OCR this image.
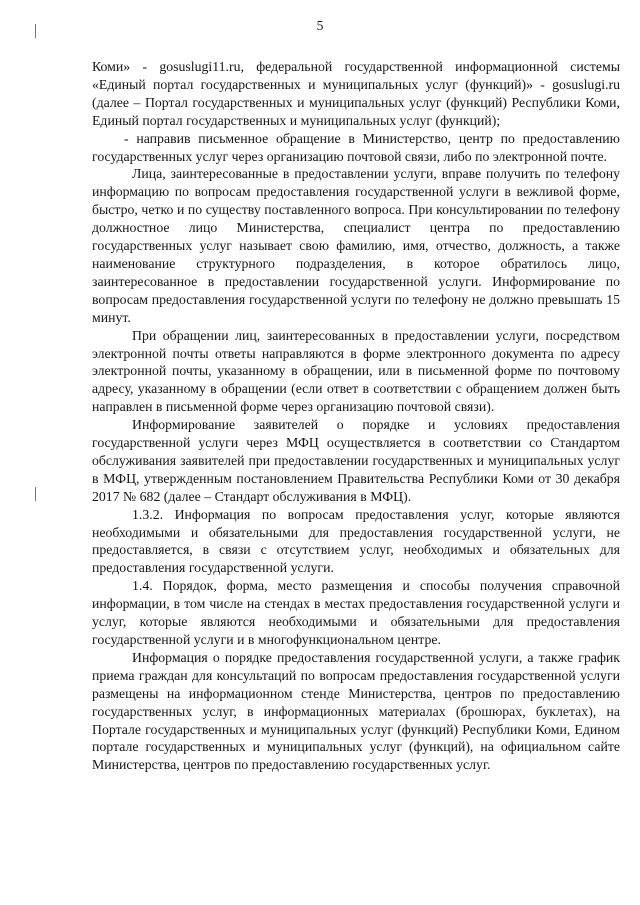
5

Коми» - gosuslugi11.ru, федеральной государственной информационной системы «Единый портал государственных и муниципальных услуг (функций)» - gosuslugi.ru (далее – Портал государственных и муниципальных услуг (функций) Республики Коми, Единый портал государственных и муниципальных услуг (функций);

- направив письменное обращение в Министерство, центр по предоставлению государственных услуг через организацию почтовой связи, либо по электронной почте.

Лица, заинтересованные в предоставлении услуги, вправе получить по телефону информацию по вопросам предоставления государственной услуги в вежливой форме, быстро, четко и по существу поставленного вопроса. При консультировании по телефону должностное лицо Министерства, специалист центра по предоставлению государственных услуг называет свою фамилию, имя, отчество, должность, а также наименование структурного подразделения, в которое обратилось лицо, заинтересованное в предоставлении государственной услуги. Информирование по вопросам предоставления государственной услуги по телефону не должно превышать 15 минут.

При обращении лиц, заинтересованных в предоставлении услуги, посредством электронной почты ответы направляются в форме электронного документа по адресу электронной почты, указанному в обращении, или в письменной форме по почтовому адресу, указанному в обращении (если ответ в соответствии с обращением должен быть направлен в письменной форме через организацию почтовой связи).

Информирование заявителей о порядке и условиях предоставления государственной услуги через МФЦ осуществляется в соответствии со Стандартом обслуживания заявителей при предоставлении государственных и муниципальных услуг в МФЦ, утвержденным постановлением Правительства Республики Коми от 30 декабря 2017 № 682 (далее – Стандарт обслуживания в МФЦ).

1.3.2. Информация по вопросам предоставления услуг, которые являются необходимыми и обязательными для предоставления государственной услуги, не предоставляется, в связи с отсутствием услуг, необходимых и обязательных для предоставления государственной услуги.

1.4. Порядок, форма, место размещения и способы получения справочной информации, в том числе на стендах в местах предоставления государственной услуги и услуг, которые являются необходимыми и обязательными для предоставления государственной услуги и в многофункциональном центре.

Информация о порядке предоставления государственной услуги, а также график приема граждан для консультаций по вопросам предоставления государственной услуги размещены на информационном стенде Министерства, центров по предоставлению государственных услуг, в информационных материалах (брошюрах, буклетах), на Портале государственных и муниципальных услуг (функций) Республики Коми, Едином портале государственных и муниципальных услуг (функций), на официальном сайте Министерства, центров по предоставлению государственных услуг.
